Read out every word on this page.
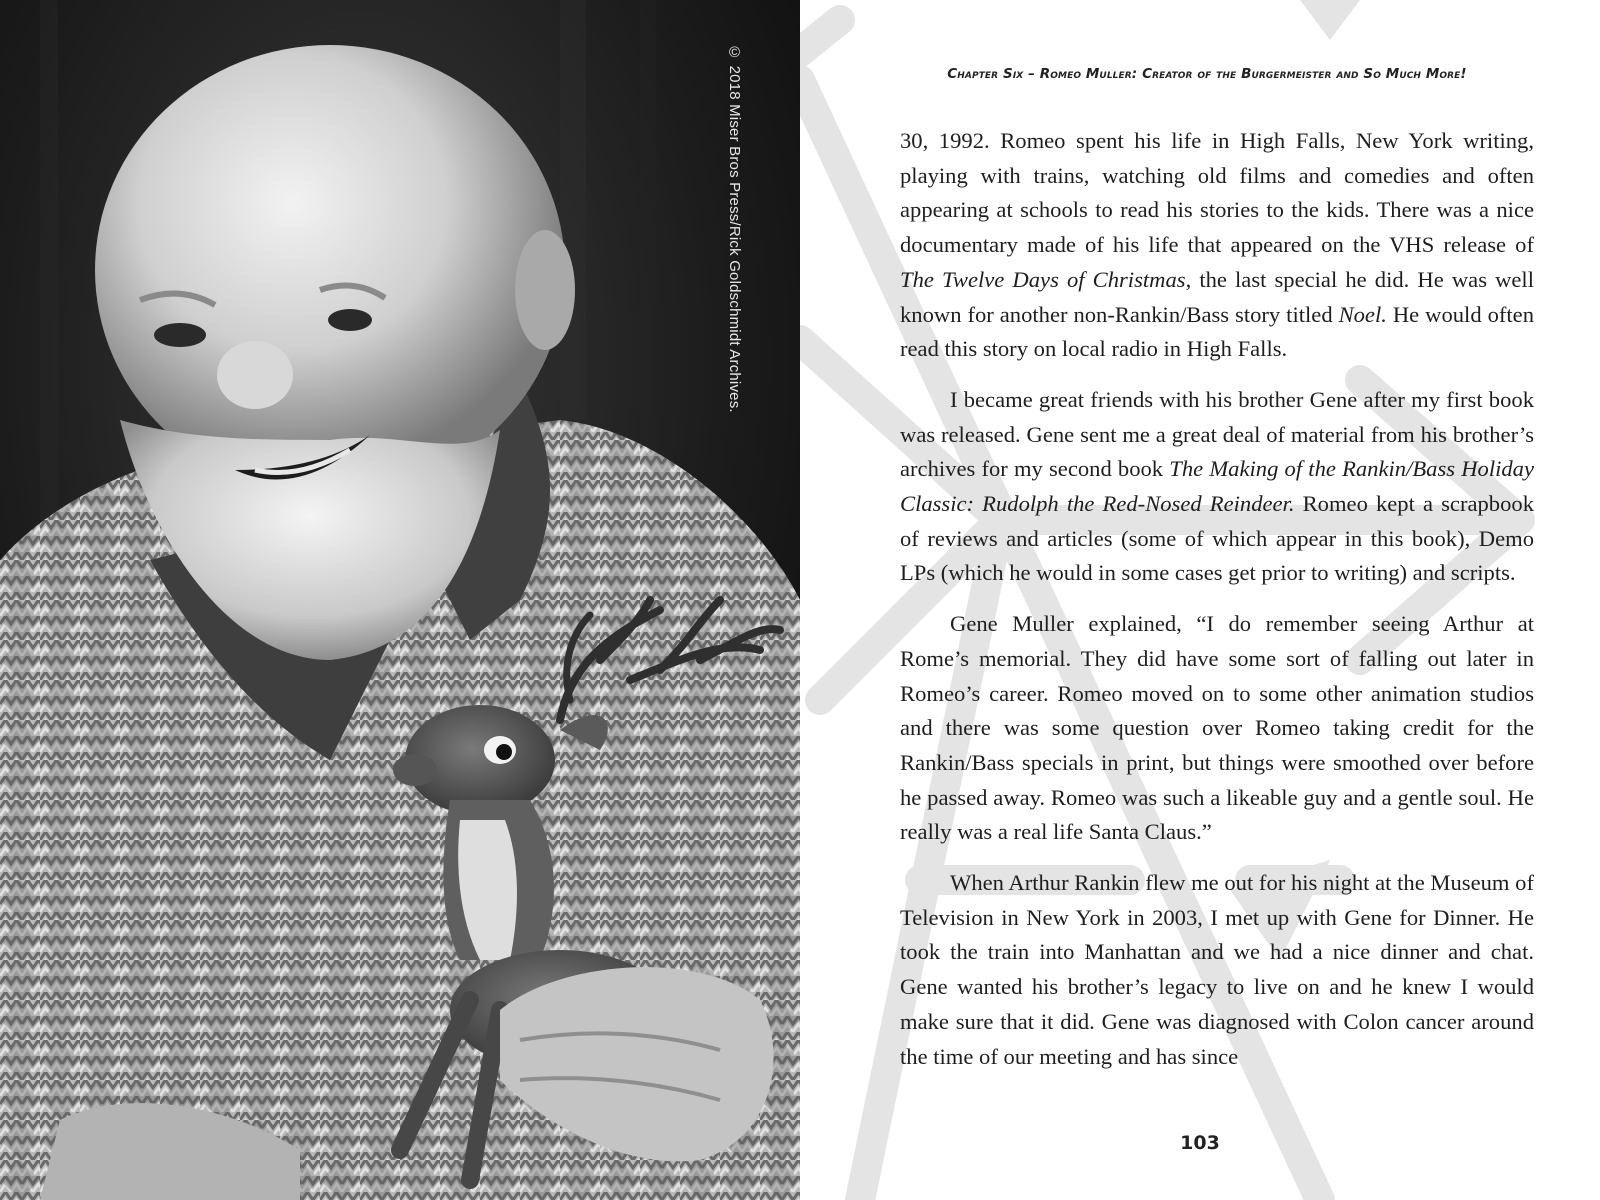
© 2018 Miser Bros Press/Rick Goldschmidt Archives.	Chapter Six – Romeo Muller: Creator of the Burgermeister and So Much More!

30, 1992. Romeo spent his life in High Falls, New York writing, playing with trains, watching old films and comedies and often appearing at schools to read his stories to the kids. There was a nice documentary made of his life that appeared on the VHS release of The Twelve Days of Christmas, the last special he did. He was well known for another non-Rankin/Bass story titled Noel. He would often read this story on local radio in High Falls.

I became great friends with his brother Gene after my first book was released. Gene sent me a great deal of material from his brother’s archives for my second book The Making of the Rankin/Bass Holiday Classic: Rudolph the Red-Nosed Reindeer. Romeo kept a scrapbook of reviews and articles (some of which appear in this book), Demo LPs (which he would in some cases get prior to writing) and scripts.

Gene Muller explained, “I do remember seeing Arthur at Rome’s memorial. They did have some sort of falling out later in Romeo’s career. Romeo moved on to some other animation studios and there was some question over Romeo taking credit for the Rankin/Bass specials in print, but things were smoothed over before he passed away. Romeo was such a likeable guy and a gentle soul. He really was a real life Santa Claus.”

When Arthur Rankin flew me out for his night at the Museum of Television in New York in 2003, I met up with Gene for Dinner. He took the train into Manhattan and we had a nice dinner and chat. Gene wanted his brother’s legacy to live on and he knew I would make sure that it did. Gene was diagnosed with Colon cancer around the time of our meeting and has since

103
